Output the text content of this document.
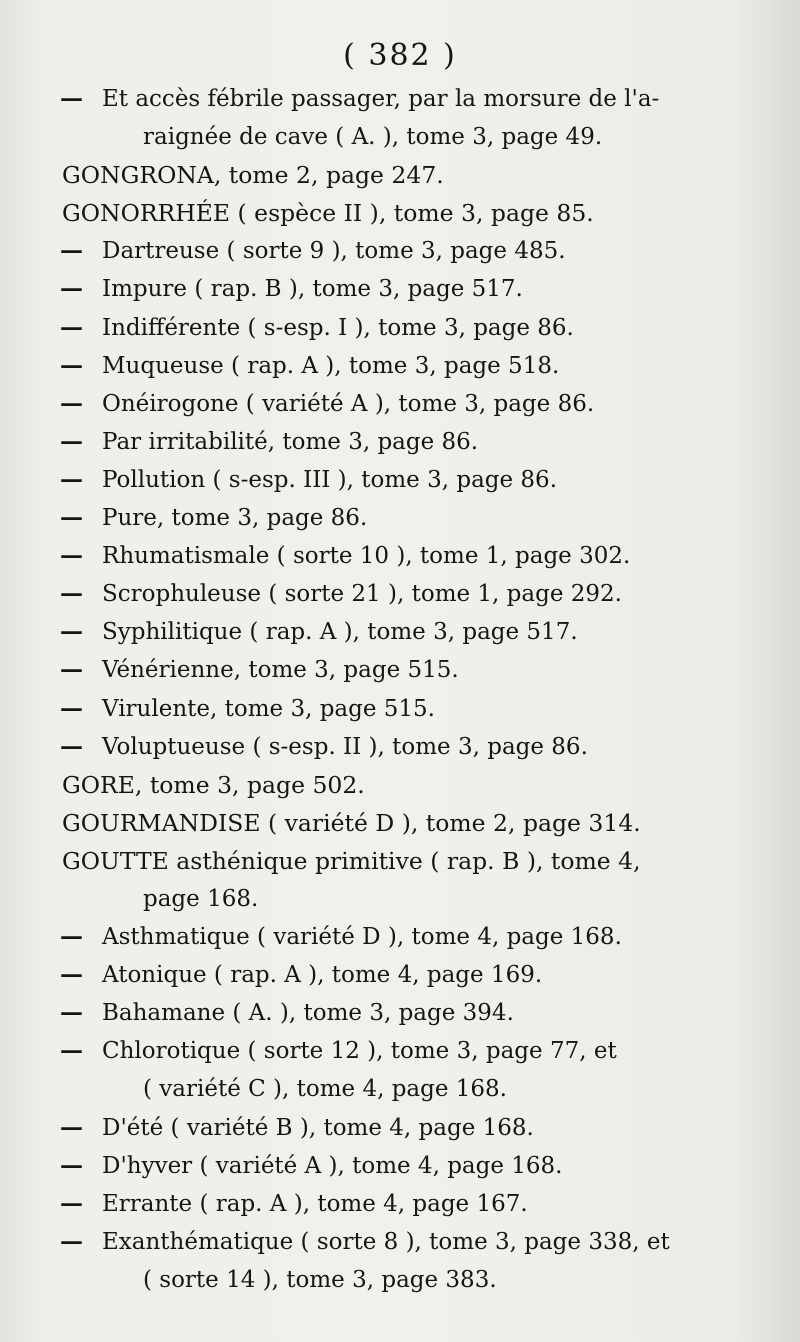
( 382 )
— Et accès fébrile passager, par la morsure de l'a-
raignée de cave ( A. ), tome 3, page 49.
GONGRONA, tome 2, page 247.
GONORRHÉE ( espèce II ), tome 3, page 85.
— Dartreuse ( sorte 9 ), tome 3, page 485.
— Impure ( rap. B ), tome 3, page 517.
— Indifférente ( s-esp. I ), tome 3, page 86.
— Muqueuse ( rap. A ), tome 3, page 518.
— Onéirogone ( variété A ), tome 3, page 86.
— Par irritabilité, tome 3, page 86.
— Pollution ( s-esp. III ), tome 3, page 86.
— Pure, tome 3, page 86.
— Rhumatismale ( sorte 10 ), tome 1, page 302.
— Scrophuleuse ( sorte 21 ), tome 1, page 292.
— Syphilitique ( rap. A ), tome 3, page 517.
— Vénérienne, tome 3, page 515.
— Virulente, tome 3, page 515.
— Voluptueuse ( s-esp. II ), tome 3, page 86.
GORE, tome 3, page 502.
GOURMANDISE ( variété D ), tome 2, page 314.
GOUTTE asthénique primitive ( rap. B ), tome 4,
page 168.
— Asthmatique ( variété D ), tome 4, page 168.
— Atonique ( rap. A ), tome 4, page 169.
— Bahamane ( A. ), tome 3, page 394.
— Chlorotique ( sorte 12 ), tome 3, page 77, et
( variété C ), tome 4, page 168.
— D'été ( variété B ), tome 4, page 168.
— D'hyver ( variété A ), tome 4, page 168.
— Errante ( rap. A ), tome 4, page 167.
— Exanthématique ( sorte 8 ), tome 3, page 338, et
( sorte 14 ), tome 3, page 383.
